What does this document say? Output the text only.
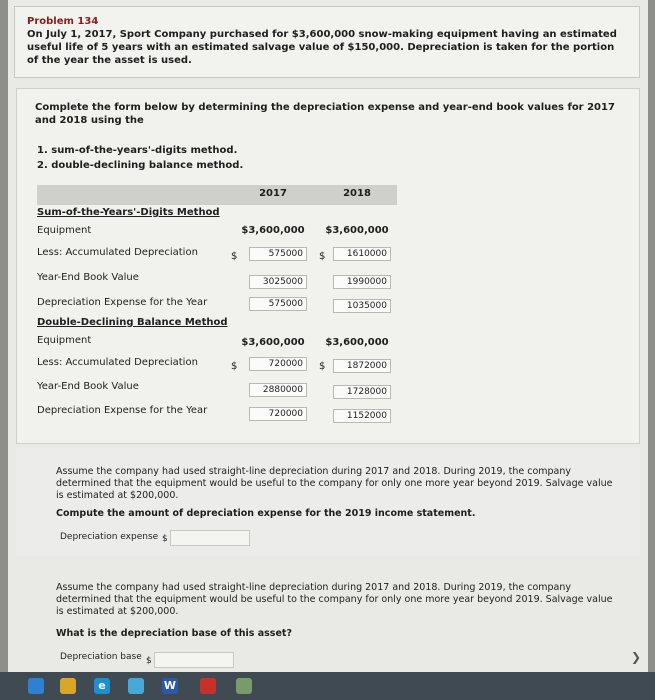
Problem 134
On July 1, 2017, Sport Company purchased for $3,600,000 snow-making equipment having an estimated useful life of 5 years with an estimated salvage value of $150,000. Depreciation is taken for the portion of the year the asset is used.
Complete the form below by determining the depreciation expense and year-end book values for 2017 and 2018 using the
1. sum-of-the-years'-digits method.
2. double-declining balance method.
2017	2018
Sum-of-the-Years'-Digits Method
Equipment	$3,600,000	$3,600,000
Less: Accumulated Depreciation	$	575000	$	1610000
Year-End Book Value	3025000	1990000
Depreciation Expense for the Year	575000	1035000
Double-Declining Balance Method
Equipment	$3,600,000	$3,600,000
Less: Accumulated Depreciation	$	720000	$	1872000
Year-End Book Value	2880000	1728000
Depreciation Expense for the Year	720000	1152000
Assume the company had used straight-line depreciation during 2017 and 2018. During 2019, the company determined that the equipment would be useful to the company for only one more year beyond 2019. Salvage value is estimated at $200,000.
Compute the amount of depreciation expense for the 2019 income statement.
Depreciation expense $
Assume the company had used straight-line depreciation during 2017 and 2018. During 2019, the company determined that the equipment would be useful to the company for only one more year beyond 2019. Salvage value is estimated at $200,000.
What is the depreciation base of this asset?
Depreciation base $	❯
e	W
